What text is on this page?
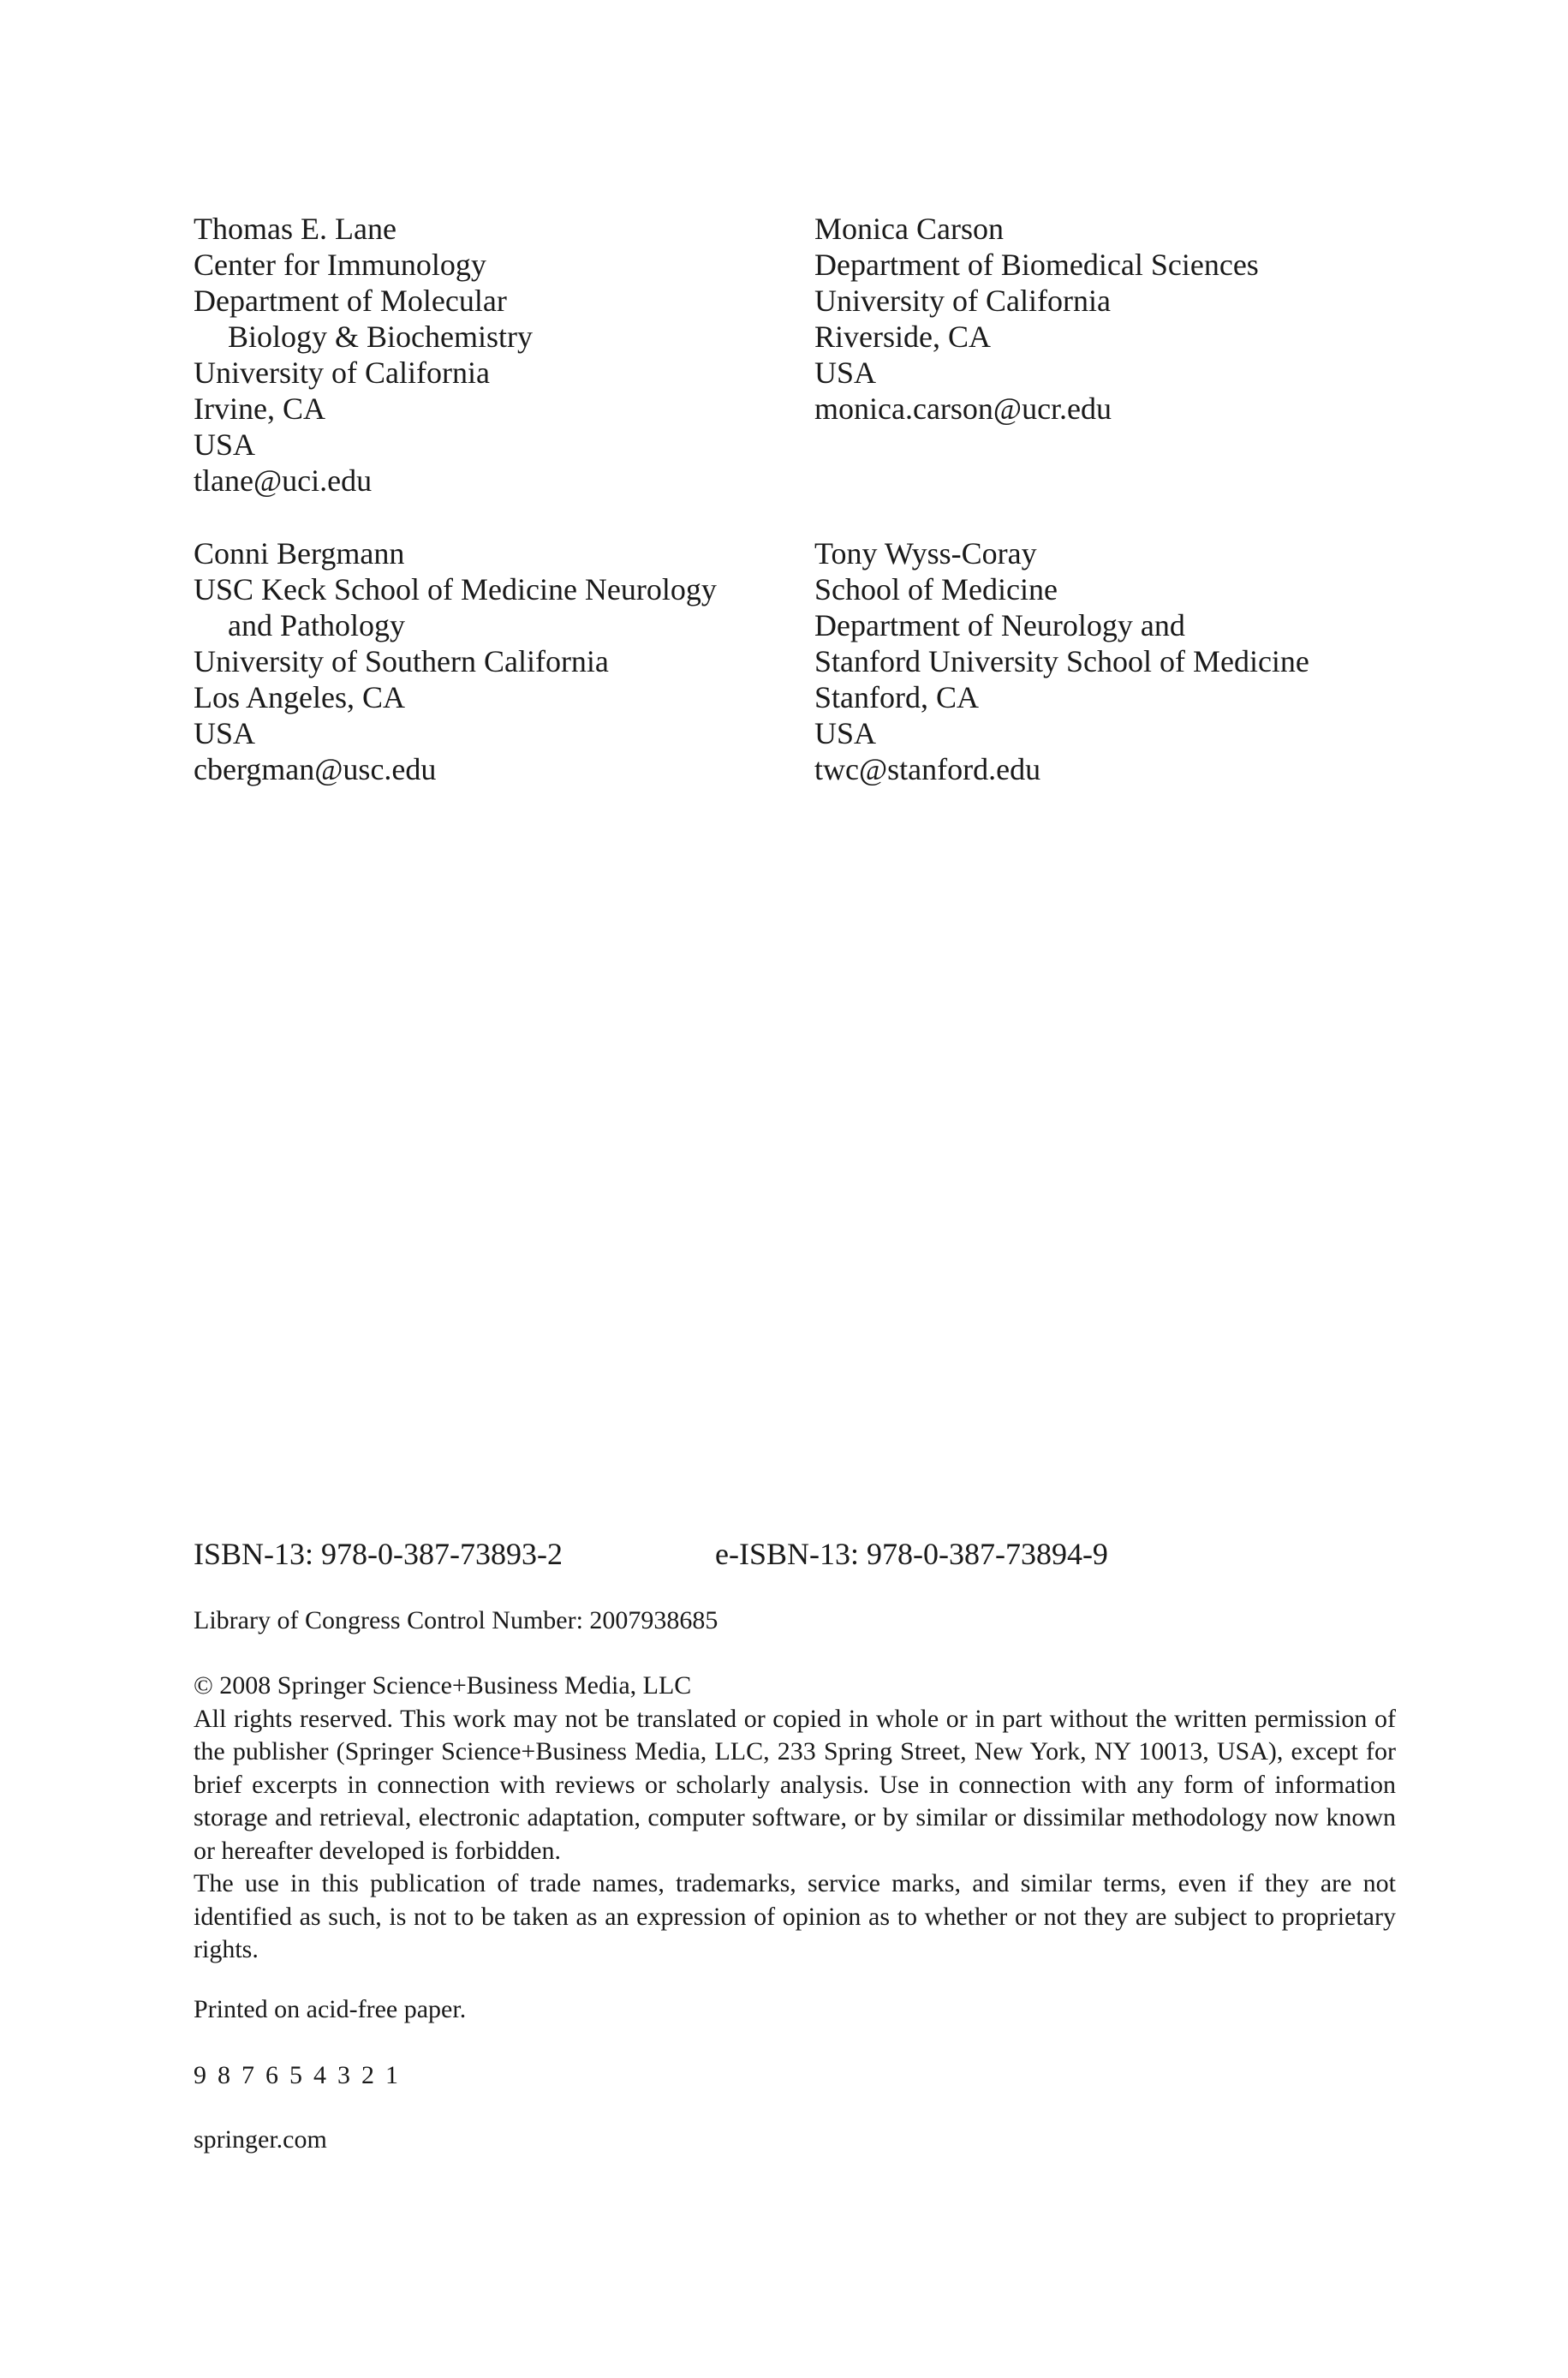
Thomas E. Lane
Center for Immunology
Department of Molecular
Biology & Biochemistry
University of California
Irvine, CA
USA
tlane@uci.edu
Monica Carson
Department of Biomedical Sciences
University of California
Riverside, CA
USA
monica.carson@ucr.edu
Conni Bergmann
USC Keck School of Medicine Neurology
and Pathology
University of Southern California
Los Angeles, CA
USA
cbergman@usc.edu
Tony Wyss-Coray
School of Medicine
Department of Neurology and
Stanford University School of Medicine
Stanford, CA
USA
twc@stanford.edu
ISBN-13: 978-0-387-73893-2	e-ISBN-13: 978-0-387-73894-9
Library of Congress Control Number: 2007938685
© 2008 Springer Science+Business Media, LLC
All rights reserved. This work may not be translated or copied in whole or in part without the written permission of the publisher (Springer Science+Business Media, LLC, 233 Spring Street, New York, NY 10013, USA), except for brief excerpts in connection with reviews or scholarly analysis. Use in connection with any form of information storage and retrieval, electronic adaptation, computer software, or by similar or dissimilar methodology now known or hereafter developed is forbidden.
The use in this publication of trade names, trademarks, service marks, and similar terms, even if they are not identified as such, is not to be taken as an expression of opinion as to whether or not they are subject to proprietary rights.
Printed on acid-free paper.
9 8 7 6 5 4 3 2 1
springer.com
